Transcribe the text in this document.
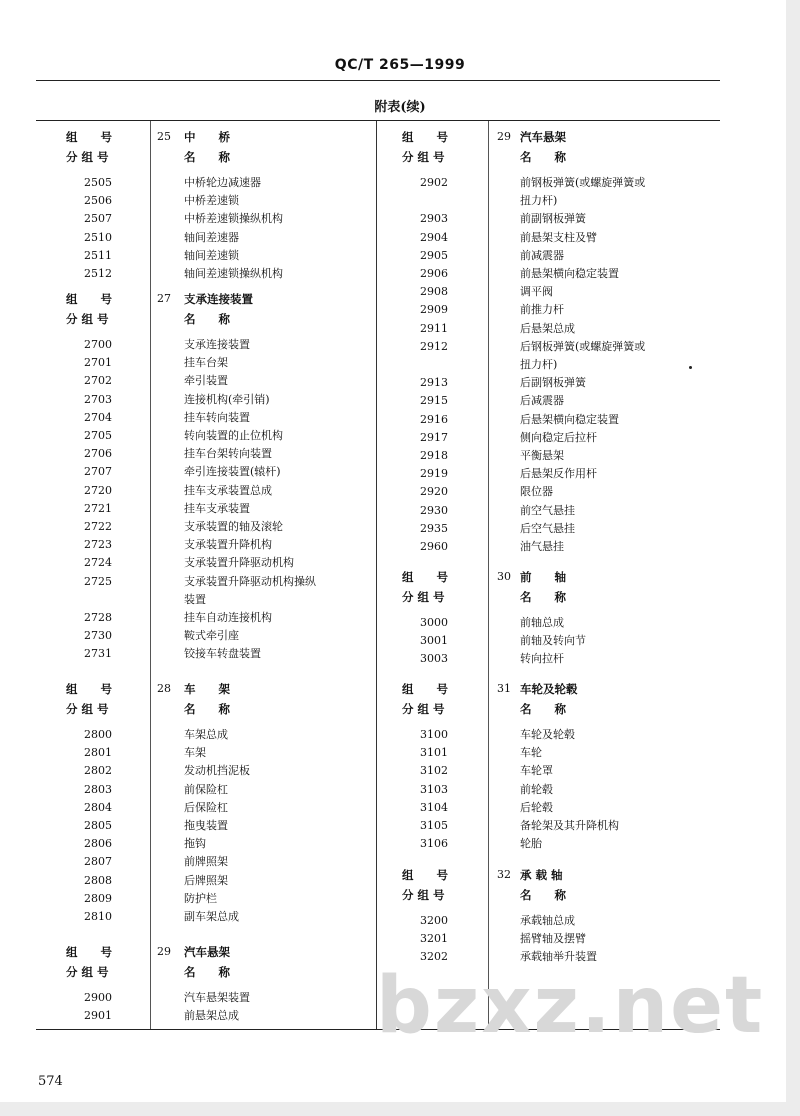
QC/T 265—1999
附表(续)
组　　号	25 中　　桥
分 组 号	名　　称
2505	中桥轮边减速器
2506	中桥差速锁
2507	中桥差速锁操纵机构
2510	轴间差速器
2511	轴间差速锁
2512	轴间差速锁操纵机构
组　　号	27 支承连接装置
分 组 号	名　　称
2700	支承连接装置
2701	挂车台架
2702	牵引装置
2703	连接机构(牵引销)
2704	挂车转向装置
2705	转向装置的止位机构
2706	挂车台架转向装置
2707	牵引连接装置(辕杆)
2720	挂车支承装置总成
2721	挂车支承装置
2722	支承装置的轴及滚轮
2723	支承装置升降机构
2724	支承装置升降驱动机构
2725	支承装置升降驱动机构操纵
装置
2728	挂车自动连接机构
2730	鞍式牵引座
2731	铰接车转盘装置
组　　号	28 车　　架
分 组 号	名　　称
2800	车架总成
2801	车架
2802	发动机挡泥板
2803	前保险杠
2804	后保险杠
2805	拖曳装置
2806	拖钩
2807	前牌照架
2808	后牌照架
2809	防护栏
2810	副车架总成
组　　号	29 汽车悬架
分 组 号	名　　称
2900	汽车悬架装置
2901	前悬架总成
组　　号	29 汽车悬架
分 组 号	名　　称
2902	前钢板弹簧(或螺旋弹簧或
扭力杆)
2903	前副钢板弹簧
2904	前悬架支柱及臂
2905	前减震器
2906	前悬架横向稳定装置
2908	调平阀
2909	前推力杆
2911	后悬架总成
2912	后钢板弹簧(或螺旋弹簧或
扭力杆)
2913	后副钢板弹簧
2915	后减震器
2916	后悬架横向稳定装置
2917	侧向稳定后拉杆
2918	平衡悬架
2919	后悬架反作用杆
2920	限位器
2930	前空气悬挂
2935	后空气悬挂
2960	油气悬挂
组　　号	30 前　　轴
分 组 号	名　　称
3000	前轴总成
3001	前轴及转向节
3003	转向拉杆
组　　号	31 车轮及轮毂
分 组 号	名　　称
3100	车轮及轮毂
3101	车轮
3102	车轮罩
3103	前轮毂
3104	后轮毂
3105	备轮架及其升降机构
3106	轮胎
组　　号	32 承 载 轴
分 组 号	名　　称
3200	承载轴总成
3201	摇臂轴及摆臂
3202	承载轴举升装置
bzxz.net
574
